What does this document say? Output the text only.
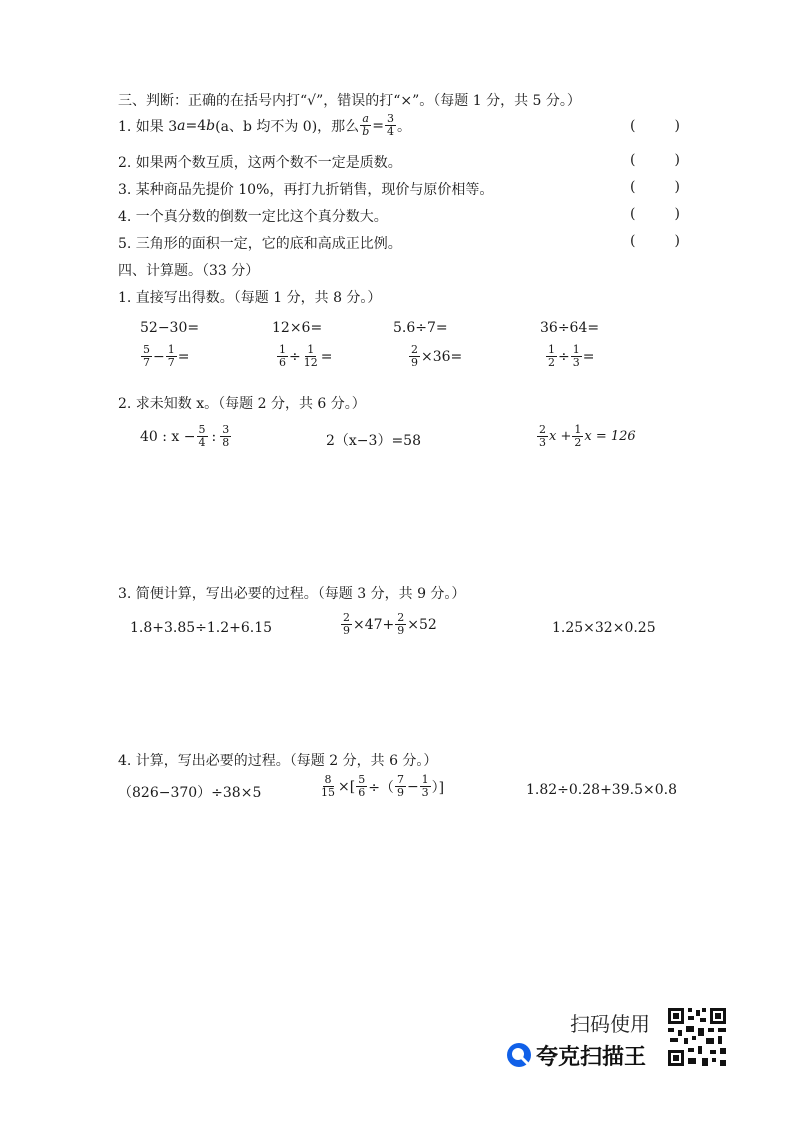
三、判断：正确的在括号内打“√”，错误的打“×”。（每题 1 分，共 5 分。）
1. 如果 3 a =4 b (a、b 均不为 0)，那么 $\frac{a}{b} = \frac{3}{4}$ 。	(	)
2. 如果两个数互质，这两个数不一定是质数。	(	)
3. 某种商品先提价 10%，再打九折销售，现价与原价相等。	(	)
4. 一个真分数的倒数一定比这个真分数大。	(	)
5. 三角形的面积一定，它的底和高成正比例。	(	)
四、计算题。（33 分）
1. 直接写出得数。（每题 1 分，共 8 分。）
52−30=	12×6=	5.6÷7=	36÷64=
$\frac{5}{7} - \frac{1}{7}$ =	$\frac{1}{6} \div \frac{1}{12}$ =	$\frac{2}{9} \times 36=$	$\frac{1}{2} \div \frac{1}{3}$ =
2. 求未知数 x。（每题 2 分，共 6 分。）
40 : $x - \frac{5}{4}$ : $\frac{3}{8}$	2（x−3）=58	$\frac{2}{3}$ $x + \frac{1}{2}$ x = 126
3. 简便计算，写出必要的过程。（每题 3 分，共 9 分。）
1.8+3.85÷1.2+6.15	$\frac{2}{9} \times 47+ \frac{2}{9} \times 52$	1.25×32×0.25
4. 计算，写出必要的过程。（每题 2 分，共 6 分。）
（826−370）÷38×5	$\frac{8}{15}$ ×[ $\frac{5}{6}$ ÷（ $\frac{7}{9} - \frac{1}{3}$ ）]	1.82÷0.28+39.5×0.8
扫码使用
夸克扫描王
